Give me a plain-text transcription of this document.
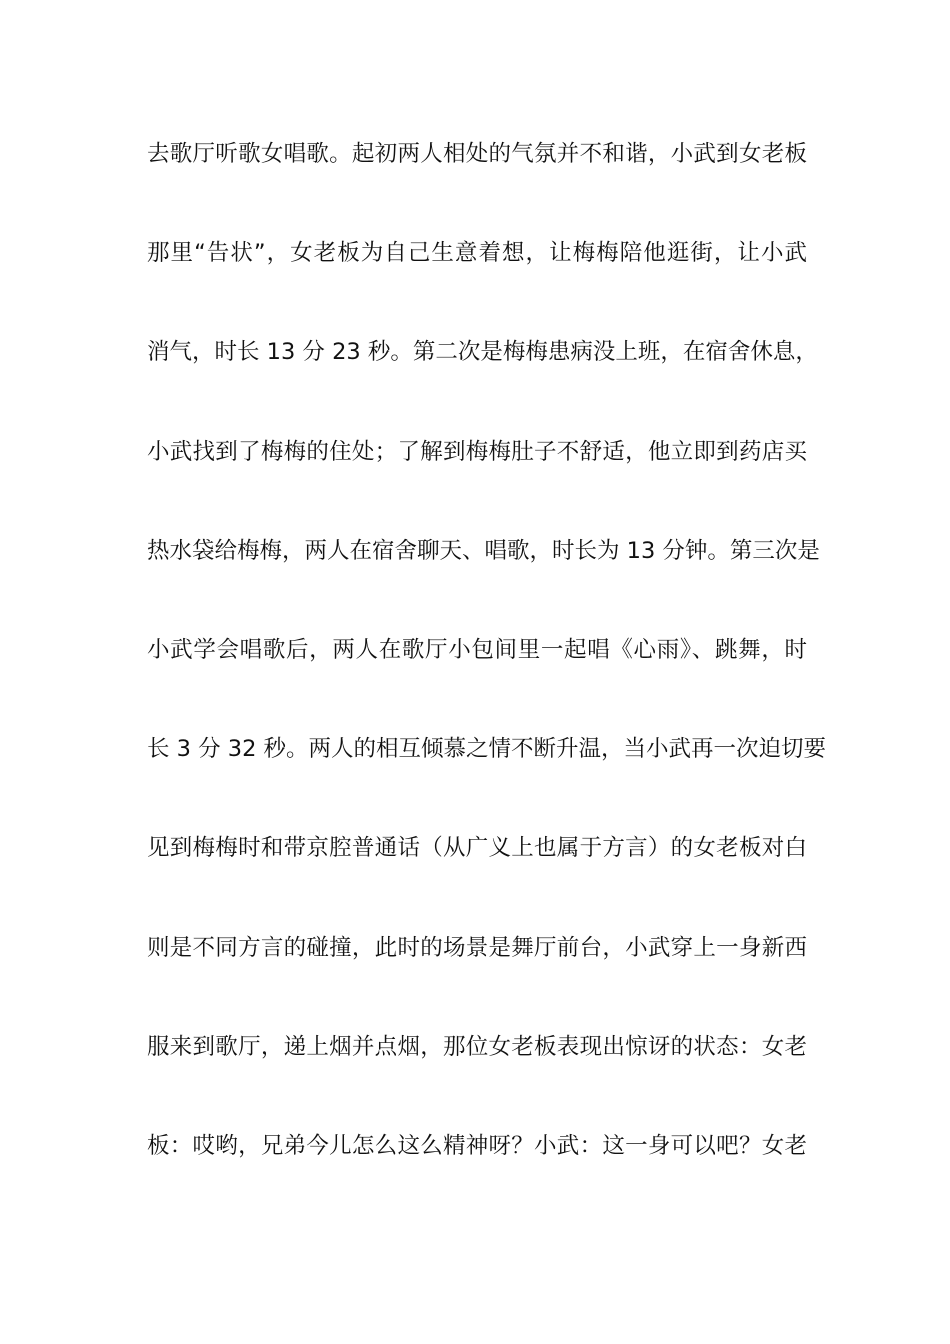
去歌厅听歌女唱歌。起初两人相处的气氛并不和谐，小武到女老板
那里“告状”，女老板为自己生意着想，让梅梅陪他逛街，让小武
消气，时长 13 分 23 秒。第二次是梅梅患病没上班，在宿舍休息，
小武找到了梅梅的住处；了解到梅梅肚子不舒适，他立即到药店买
热水袋给梅梅，两人在宿舍聊天、唱歌，时长为 13 分钟。第三次是
小武学会唱歌后，两人在歌厅小包间里一起唱《心雨》、跳舞，时
长 3 分 32 秒。两人的相互倾慕之情不断升温，当小武再一次迫切要
见到梅梅时和带京腔普通话（从广义上也属于方言）的女老板对白
则是不同方言的碰撞，此时的场景是舞厅前台，小武穿上一身新西
服来到歌厅，递上烟并点烟，那位女老板表现出惊讶的状态：女老
板：哎哟，兄弟今儿怎么这么精神呀？小武：这一身可以吧？女老
